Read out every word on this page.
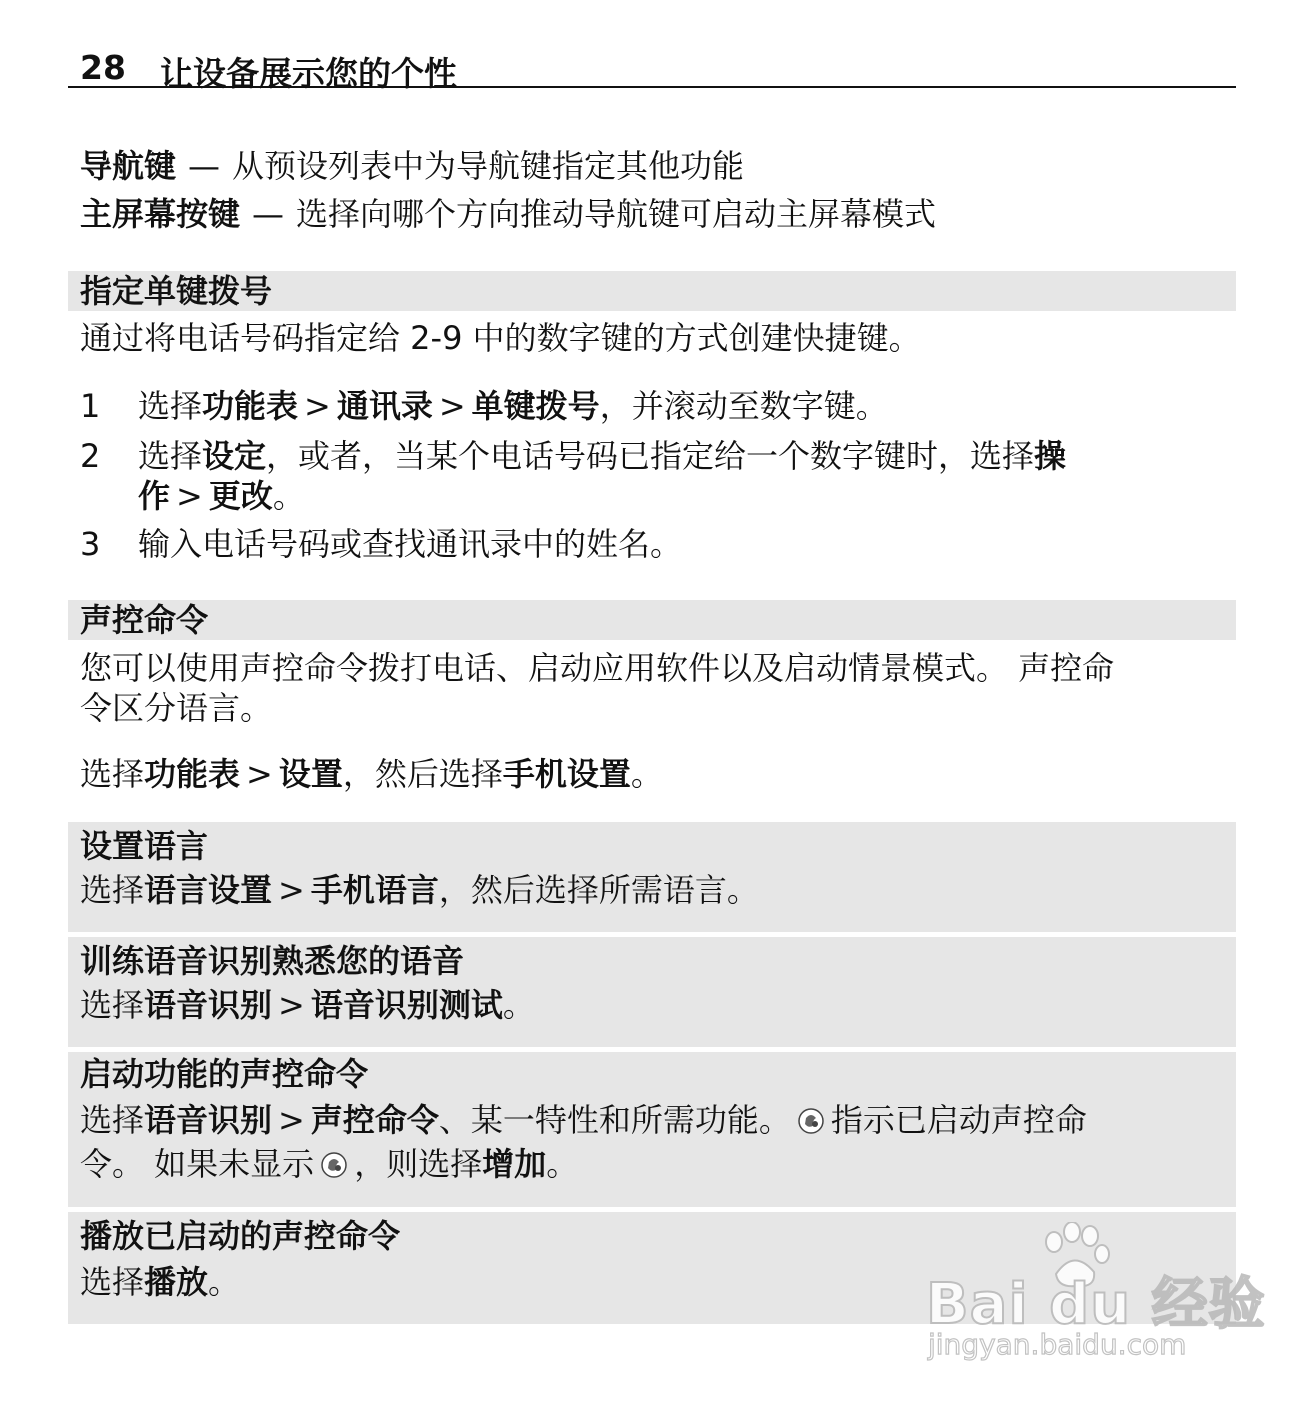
28 让设备展示您的个性
导航键 — 从预设列表中为导航键指定其他功能
主屏幕按键 — 选择向哪个方向推动导航键可启动主屏幕模式
指定单键拨号
通过将电话号码指定给 2-9 中的数字键的方式创建快捷键。
1 选择功能表 > 通讯录 > 单键拨号，并滚动至数字键。
2 选择设定，或者，当某个电话号码已指定给一个数字键时，选择操
作 > 更改。
3 输入电话号码或查找通讯录中的姓名。
声控命令
您可以使用声控命令拨打电话、启动应用软件以及启动情景模式。 声控命
令区分语言。
选择功能表 > 设置，然后选择手机设置。
设置语言
选择语言设置 > 手机语言，然后选择所需语言。
训练语音识别熟悉您的语音
选择语音识别 > 语音识别测试。
启动功能的声控命令
选择语音识别 > 声控命令、某一特性和所需功能。 指示已启动声控命
令。 如果未显示 ，则选择增加。
播放已启动的声控命令
选择播放。	Bai du 经验
jingyan.baidu.com
